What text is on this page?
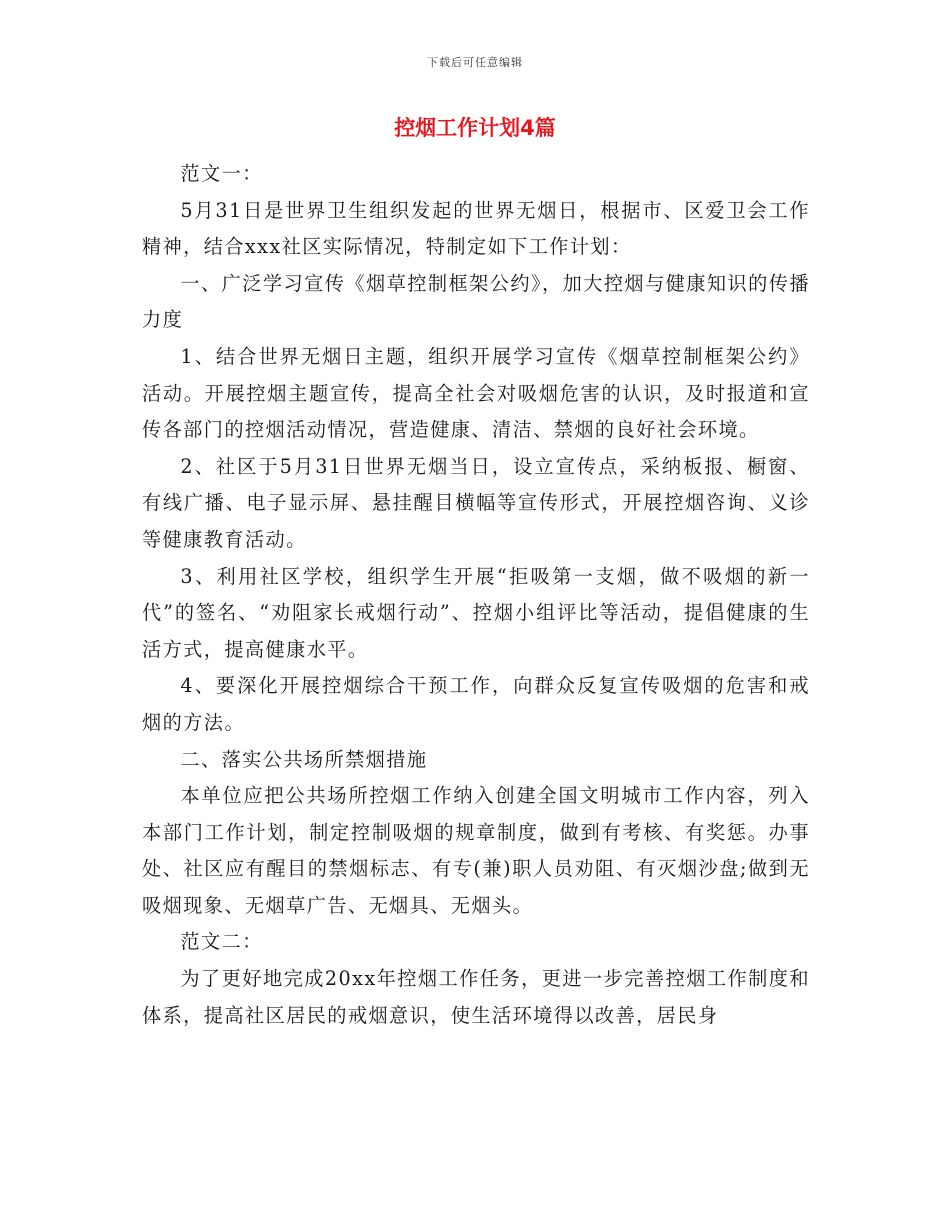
下载后可任意编辑
控烟工作计划4篇

范文一：

5月31日是世界卫生组织发起的世界无烟日，根据市、区爱卫会工作精神，结合xxx社区实际情况，特制定如下工作计划：

一、广泛学习宣传《烟草控制框架公约》，加大控烟与健康知识的传播力度

1、结合世界无烟日主题，组织开展学习宣传《烟草控制框架公约》活动。开展控烟主题宣传，提高全社会对吸烟危害的认识，及时报道和宣传各部门的控烟活动情况，营造健康、清洁、禁烟的良好社会环境。

2、社区于5月31日世界无烟当日，设立宣传点，采纳板报、橱窗、有线广播、电子显示屏、悬挂醒目横幅等宣传形式，开展控烟咨询、义诊等健康教育活动。

3、利用社区学校，组织学生开展“拒吸第一支烟，做不吸烟的新一代”的签名、“劝阻家长戒烟行动”、控烟小组评比等活动，提倡健康的生活方式，提高健康水平。

4、要深化开展控烟综合干预工作，向群众反复宣传吸烟的危害和戒烟的方法。

二、落实公共场所禁烟措施

本单位应把公共场所控烟工作纳入创建全国文明城市工作内容，列入本部门工作计划，制定控制吸烟的规章制度，做到有考核、有奖惩。办事处、社区应有醒目的禁烟标志、有专(兼)职人员劝阻、有灭烟沙盘;做到无吸烟现象、无烟草广告、无烟具、无烟头。

范文二：

为了更好地完成20xx年控烟工作任务，更进一步完善控烟工作制度和体系，提高社区居民的戒烟意识，使生活环境得以改善，居民身
